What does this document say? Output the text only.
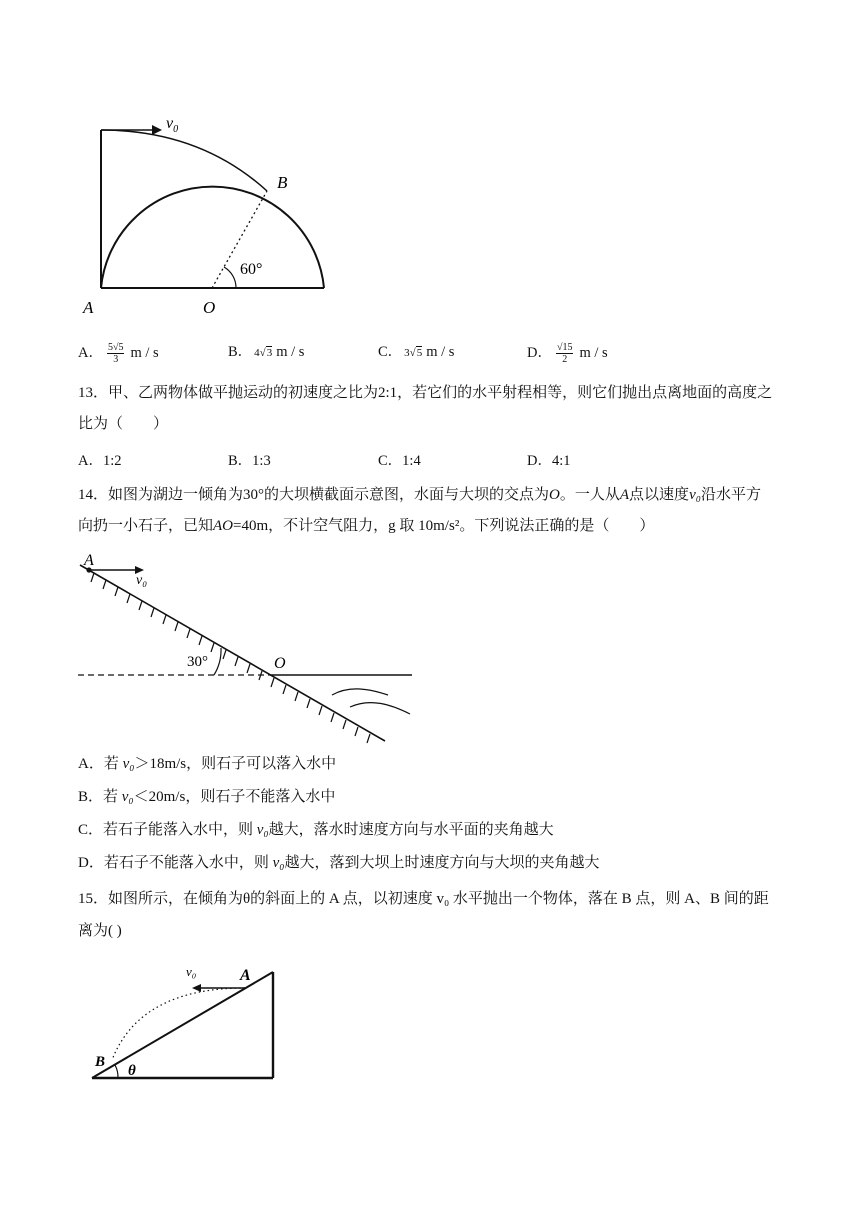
$v_0$
B
60°
A	O
A． $\frac{5√5}{3}$ m / s	B． 4√3 m / s	C． 3√5 m / s	D． $\frac{√15}{2}$ m / s
13．甲、乙两物体做平抛运动的初速度之比为2:1，若它们的水平射程相等，则它们抛出点离地面的高度之
比为（　　）
A．1:2	B．1:3	C．1:4	D．4:1
14．如图为湖边一倾角为30°的大坝横截面示意图，水面与大坝的交点为O。一人从A点以速度v₀沿水平方
向扔一小石子，已知AO=40m，不计空气阻力，g 取 10m/s²。下列说法正确的是（　　）
A
v₀
30°	O
A．若 v₀＞18m/s，则石子可以落入水中
B．若 v₀＜20m/s，则石子不能落入水中
C．若石子能落入水中，则 v₀越大，落水时速度方向与水平面的夹角越大
D．若石子不能落入水中，则 v₀越大，落到大坝上时速度方向与大坝的夹角越大
15．如图所示，在倾角为θ的斜面上的 A 点，以初速度 v₀ 水平抛出一个物体，落在 B 点，则 A、B 间的距
离为( )
v₀	A
B
θ
